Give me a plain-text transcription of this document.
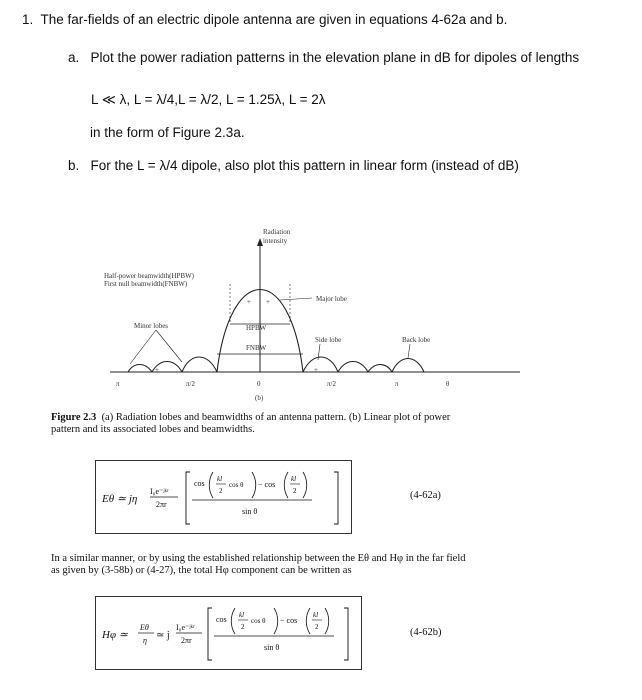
1. The far-fields of an electric dipole antenna are given in equations 4-62a and b.
a. Plot the power radiation patterns in the elevation plane in dB for dipoles of lengths
L ≪ λ, L = λ/4,L = λ/2, L = 1.25λ, L = 2λ
in the form of Figure 2.3a.
b. For the L = λ/4 dipole, also plot this pattern in linear form (instead of dB)
Radiation
intensity
Half-power beamwidth(HPBW)
First null beamwidth(FNBW)
Major lobe
Minor lobes	HPBW
FNBW
Side lobe	Back lobe
+ +
+
+
π	π/2	0	π/2	π	θ
(b)
Figure 2.3 (a) Radiation lobes and beamwidths of an antenna pattern. (b) Linear plot of power pattern and its associated lobes and beamwidths.
Eθ ≃ jη
I₀e⁻ʲᵏʳ
2πr
cos kl
2
cos θ − cos
kl
2
sin θ
(4-62a)
In a similar manner, or by using the established relationship between the Eθ and Hφ in the far field as given by (3-58b) or (4-27), the total Hφ component can be written as
Hφ ≃
Eθ
η ≃ j
I₀e⁻ʲᵏʳ
2πr
cos kl
2
cos θ − cos
kl
2
sin θ
(4-62b)
